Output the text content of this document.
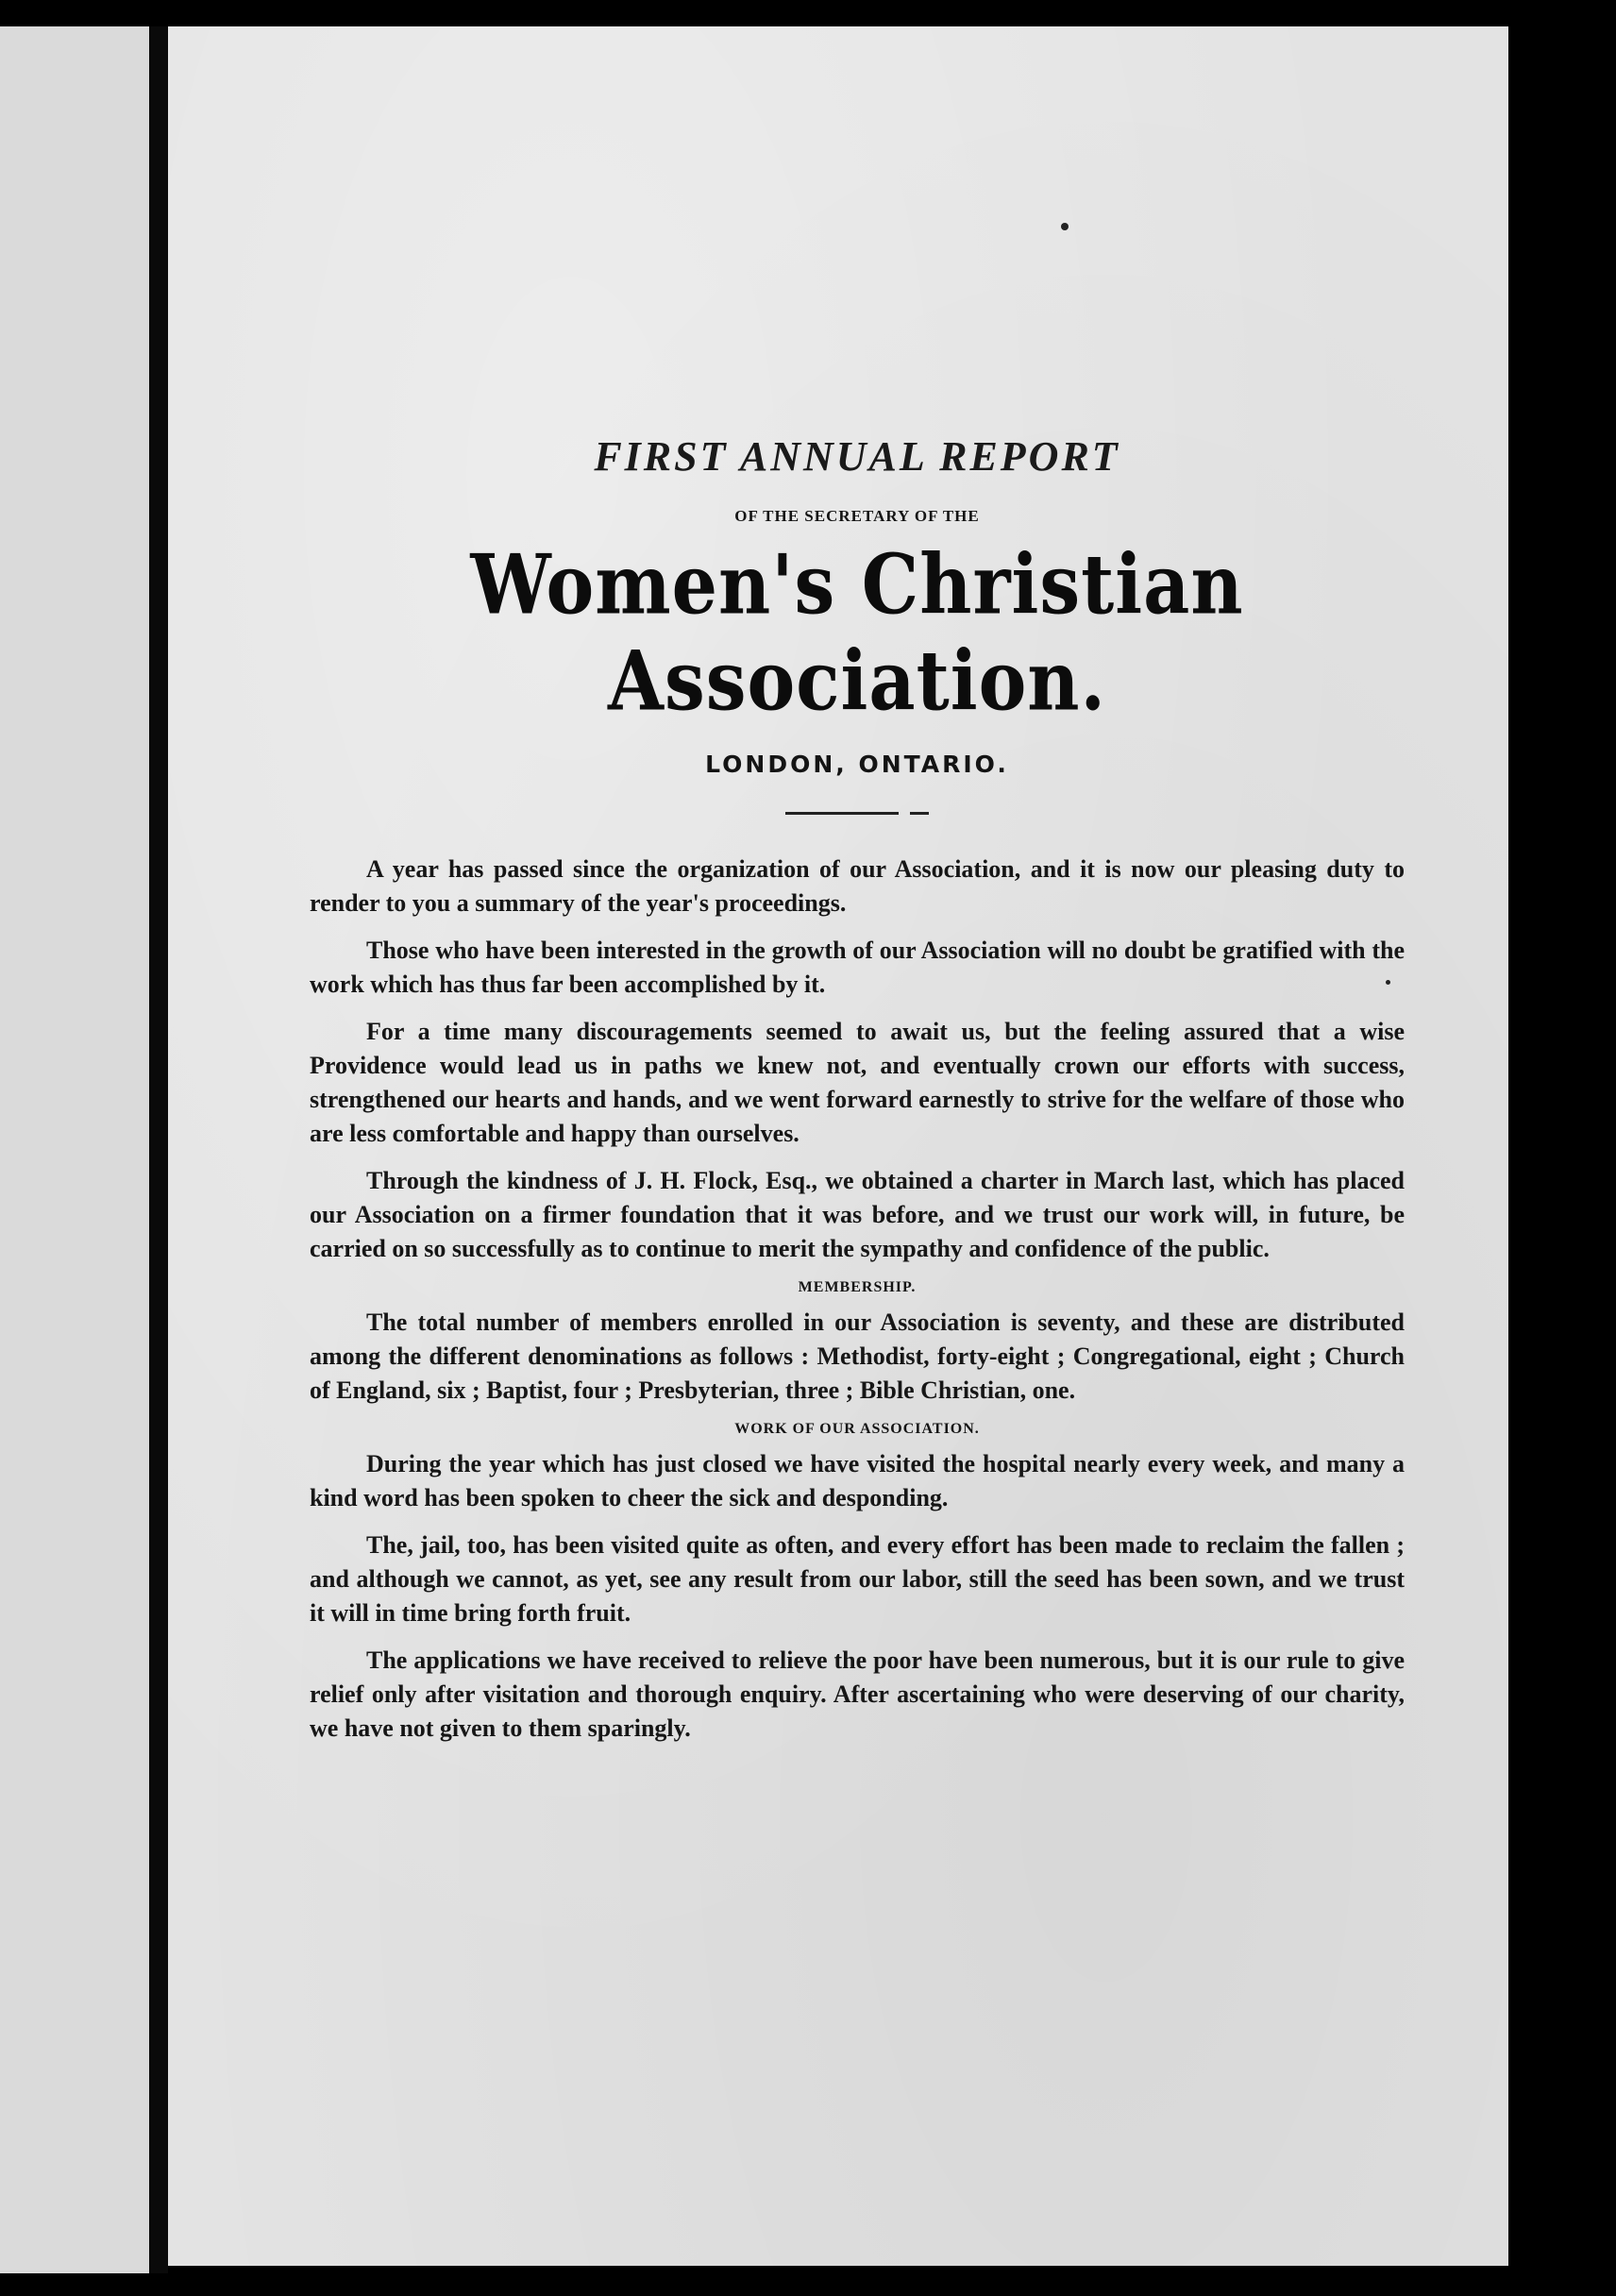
FIRST ANNUAL REPORT
OF THE SECRETARY OF THE
Women's Christian Association.
LONDON, ONTARIO.

A year has passed since the organization of our Association, and it is now our pleasing duty to render to you a summary of the year's proceedings.

Those who have been interested in the growth of our Association will no doubt be gratified with the work which has thus far been accomplished by it.

For a time many discouragements seemed to await us, but the feeling assured that a wise Providence would lead us in paths we knew not, and eventually crown our efforts with success, strengthened our hearts and hands, and we went forward earnestly to strive for the welfare of those who are less comfortable and happy than ourselves.

Through the kindness of J. H. Flock, Esq., we obtained a charter in March last, which has placed our Association on a firmer foundation that it was before, and we trust our work will, in future, be carried on so successfully as to continue to merit the sympathy and confidence of the public.

MEMBERSHIP.

The total number of members enrolled in our Association is seventy, and these are distributed among the different denominations as follows : Methodist, forty-eight ; Congregational, eight ; Church of England, six ; Baptist, four ; Presbyterian, three ; Bible Christian, one.

WORK OF OUR ASSOCIATION.

During the year which has just closed we have visited the hospital nearly every week, and many a kind word has been spoken to cheer the sick and desponding.

The, jail, too, has been visited quite as often, and every effort has been made to reclaim the fallen ; and although we cannot, as yet, see any result from our labor, still the seed has been sown, and we trust it will in time bring forth fruit.

The applications we have received to relieve the poor have been numerous, but it is our rule to give relief only after visitation and thorough enquiry. After ascertaining who were deserving of our charity, we have not given to them sparingly.
